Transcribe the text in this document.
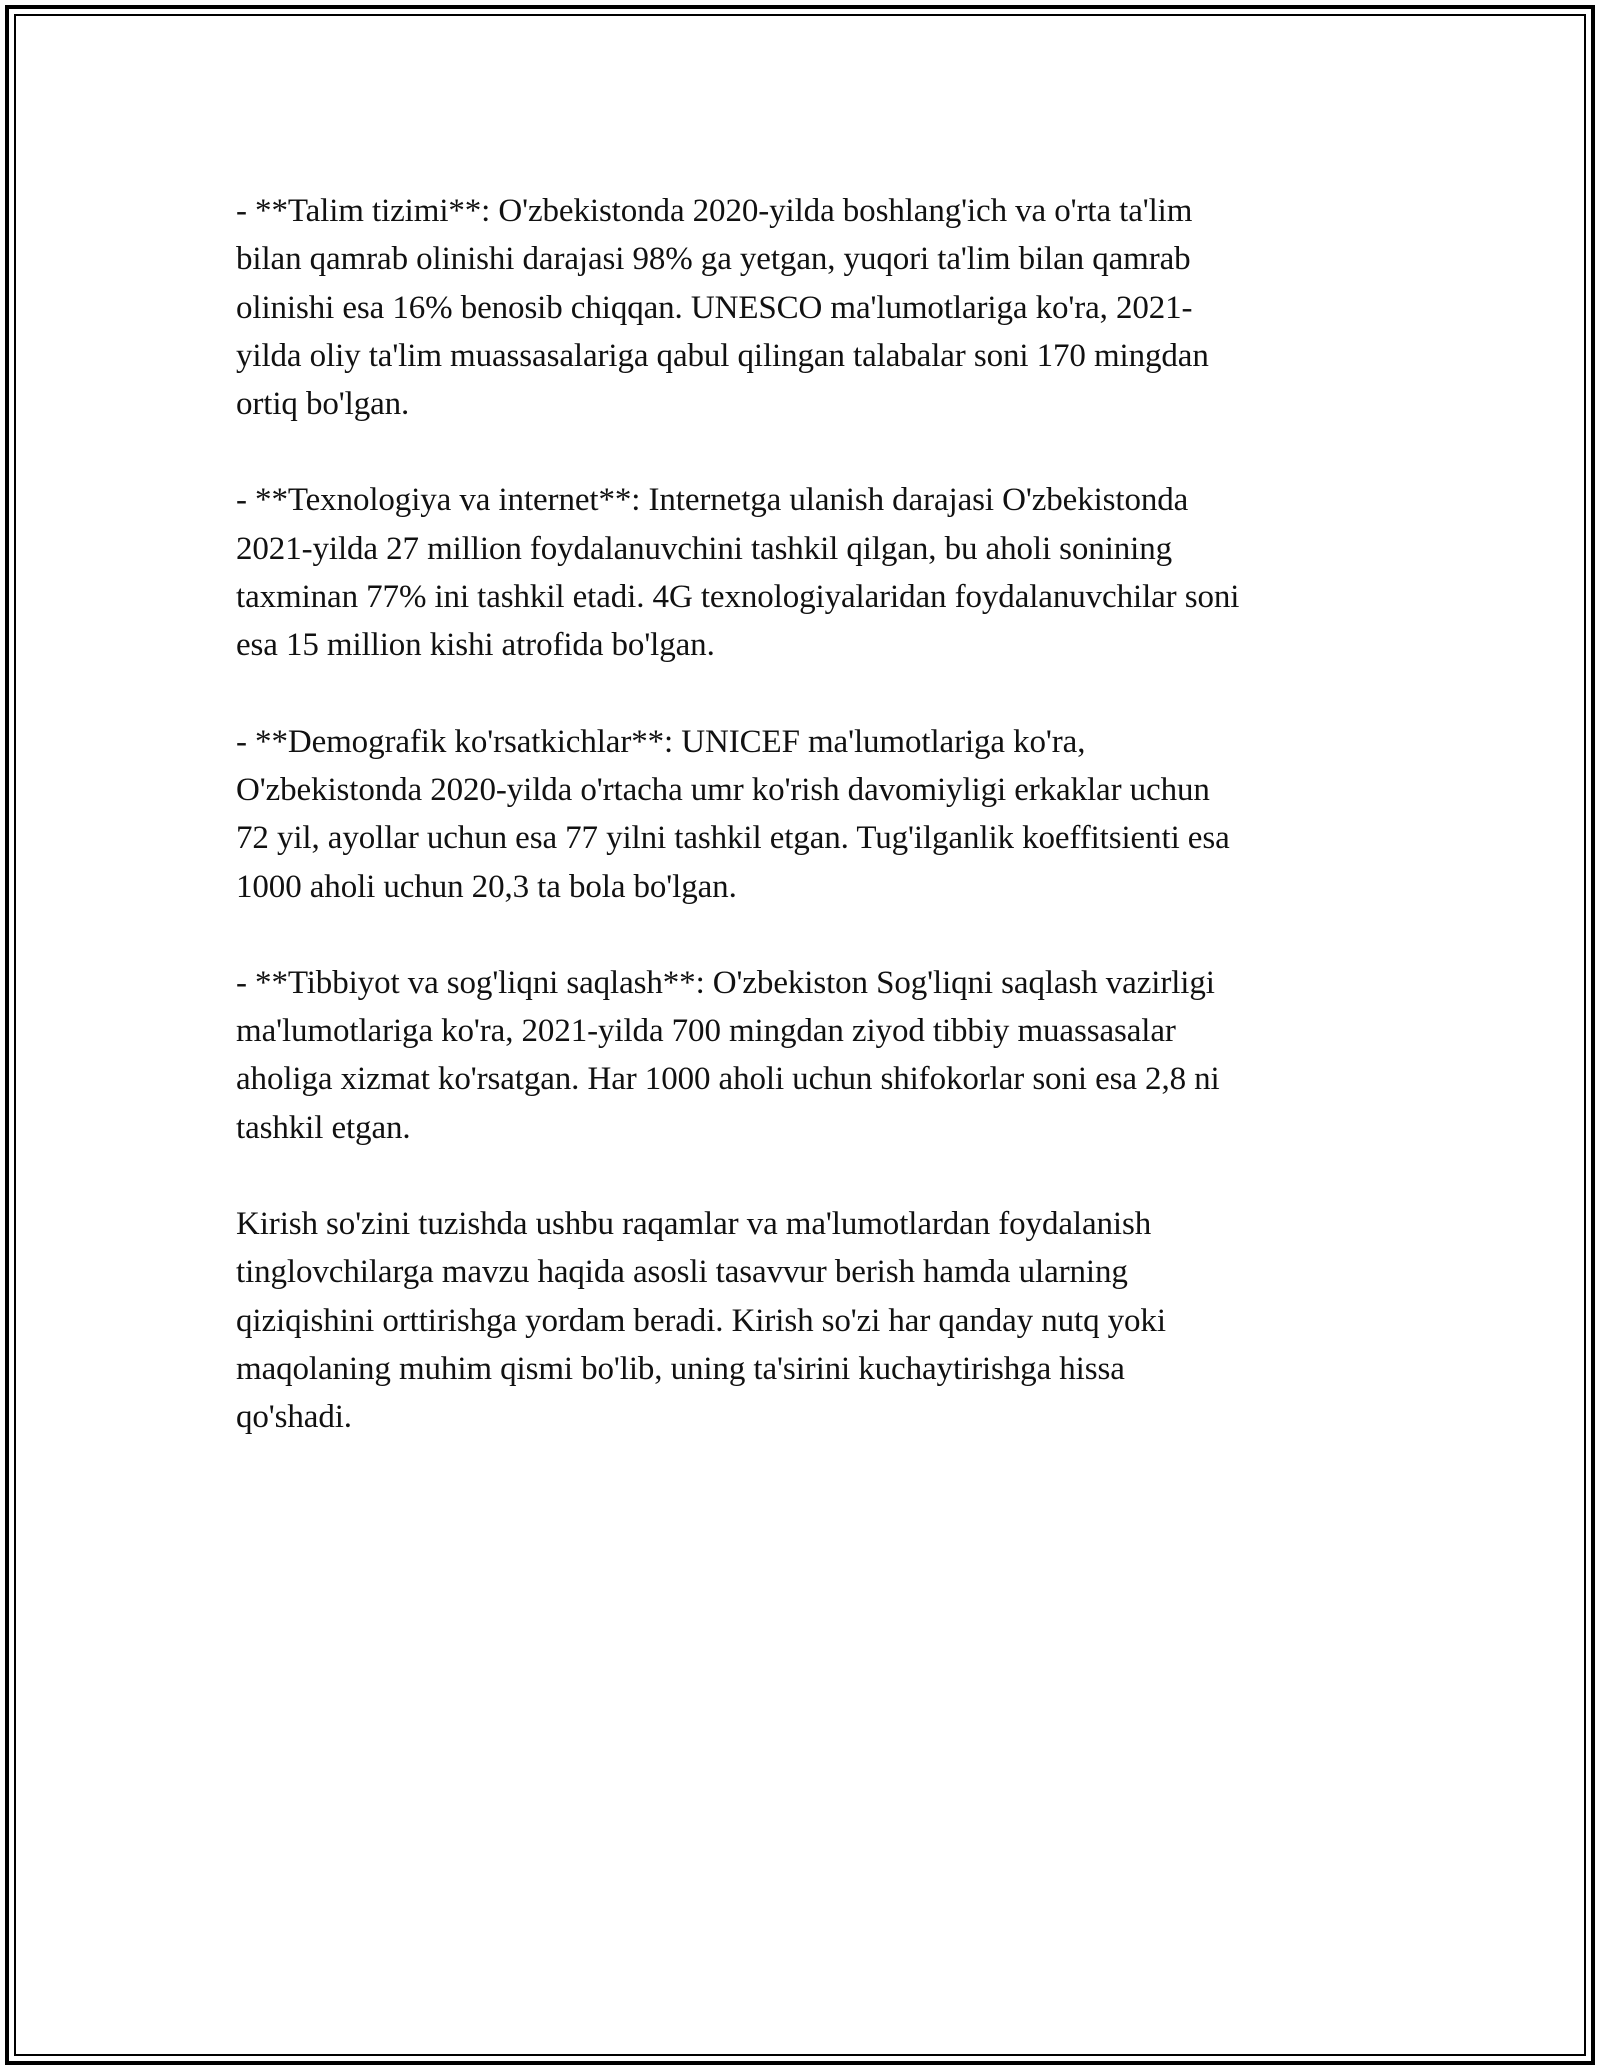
- **Talim tizimi**: O'zbekistonda 2020-yilda boshlang'ich va o'rta ta'lim
bilan qamrab olinishi darajasi 98% ga yetgan, yuqori ta'lim bilan qamrab
olinishi esa 16% benosib chiqqan. UNESCO ma'lumotlariga ko'ra, 2021-
yilda oliy ta'lim muassasalariga qabul qilingan talabalar soni 170 mingdan
ortiq bo'lgan.

- **Texnologiya va internet**: Internetga ulanish darajasi O'zbekistonda
2021-yilda 27 million foydalanuvchini tashkil qilgan, bu aholi sonining
taxminan 77% ini tashkil etadi. 4G texnologiyalaridan foydalanuvchilar soni
esa 15 million kishi atrofida bo'lgan.

- **Demografik ko'rsatkichlar**: UNICEF ma'lumotlariga ko'ra,
O'zbekistonda 2020-yilda o'rtacha umr ko'rish davomiyligi erkaklar uchun
72 yil, ayollar uchun esa 77 yilni tashkil etgan. Tug'ilganlik koeffitsienti esa
1000 aholi uchun 20,3 ta bola bo'lgan.

- **Tibbiyot va sog'liqni saqlash**: O'zbekiston Sog'liqni saqlash vazirligi
ma'lumotlariga ko'ra, 2021-yilda 700 mingdan ziyod tibbiy muassasalar
aholiga xizmat ko'rsatgan. Har 1000 aholi uchun shifokorlar soni esa 2,8 ni
tashkil etgan.

Kirish so'zini tuzishda ushbu raqamlar va ma'lumotlardan foydalanish
tinglovchilarga mavzu haqida asosli tasavvur berish hamda ularning
qiziqishini orttirishga yordam beradi. Kirish so'zi har qanday nutq yoki
maqolaning muhim qismi bo'lib, uning ta'sirini kuchaytirishga hissa
qo'shadi.
